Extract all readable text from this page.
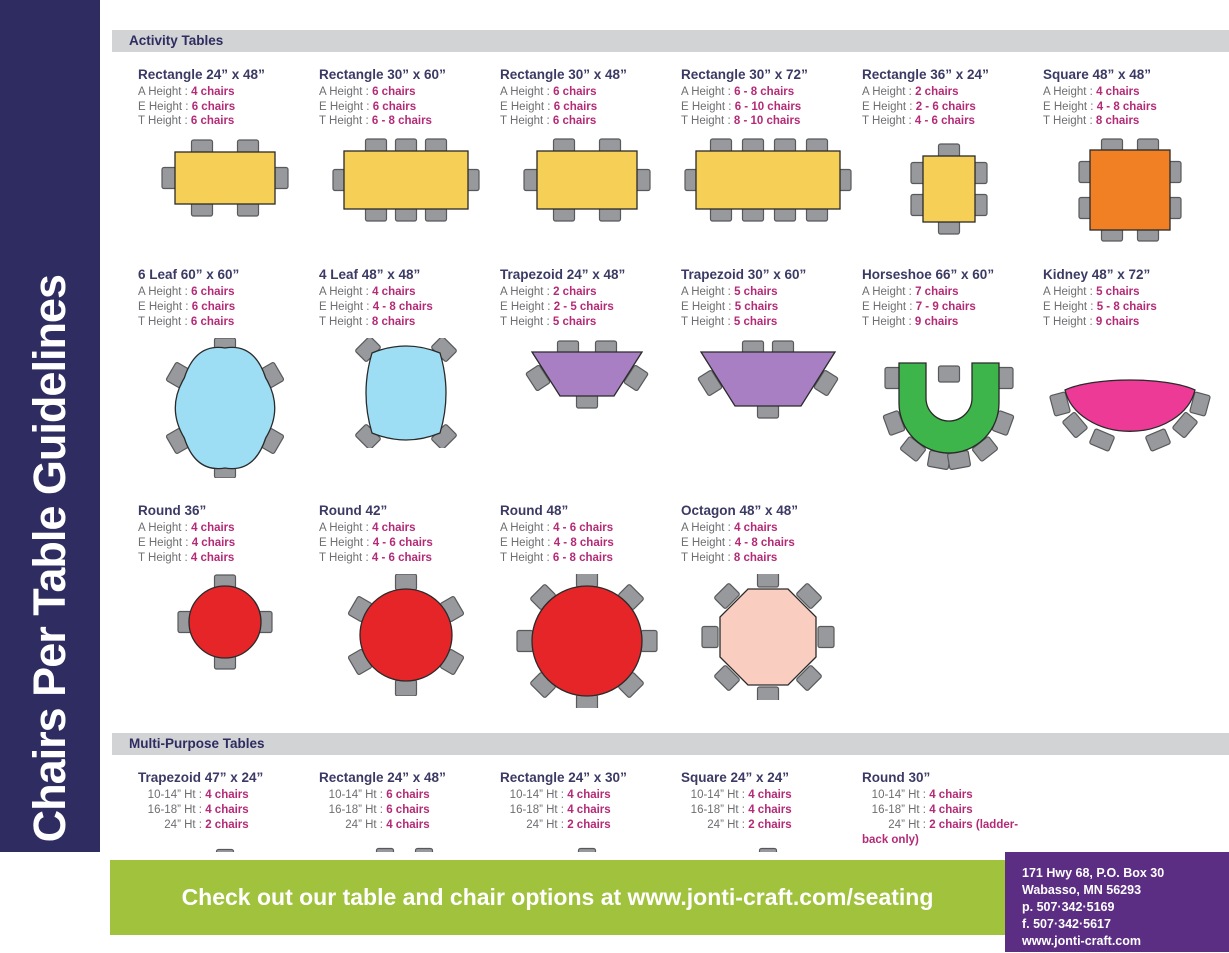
Chairs Per Table Guidelines
Activity Tables
Rectangle 24” x 48”
A Height : 4 chairs
E Height : 6 chairs
T Height : 6 chairs
Rectangle 30” x 60”
A Height : 6 chairs
E Height : 6 chairs
T Height : 6 - 8 chairs
Rectangle 30” x 48”
A Height : 6 chairs
E Height : 6 chairs
T Height : 6 chairs
Rectangle 30” x 72”
A Height : 6 - 8 chairs
E Height : 6 - 10 chairs
T Height : 8 - 10 chairs
Rectangle 36” x 24”
A Height : 2 chairs
E Height : 2 - 6 chairs
T Height : 4 - 6 chairs
Square 48” x 48”
A Height : 4 chairs
E Height : 4 - 8 chairs
T Height : 8 chairs
6 Leaf 60” x 60”
A Height : 6 chairs
E Height : 6 chairs
T Height : 6 chairs
4 Leaf 48” x 48”
A Height : 4 chairs
E Height : 4 - 8 chairs
T Height : 8 chairs
Trapezoid 24” x 48”
A Height : 2 chairs
E Height : 2 - 5 chairs
T Height : 5 chairs
Trapezoid 30” x 60”
A Height : 5 chairs
E Height : 5 chairs
T Height : 5 chairs
Horseshoe 66” x 60”
A Height : 7 chairs
E Height : 7 - 9 chairs
T Height : 9 chairs
Kidney 48” x 72”
A Height : 5 chairs
E Height : 5 - 8 chairs
T Height : 9 chairs
Round 36”
A Height : 4 chairs
E Height : 4 chairs
T Height : 4 chairs
Round 42”
A Height : 4 chairs
E Height : 4 - 6 chairs
T Height : 4 - 6 chairs
Round 48”
A Height : 4 - 6 chairs
E Height : 4 - 8 chairs
T Height : 6 - 8 chairs
Octagon 48” x 48”
A Height : 4 chairs
E Height : 4 - 8 chairs
T Height : 8 chairs
Multi-Purpose Tables
Trapezoid 47” x 24”
10-14” Ht : 4 chairs
16-18” Ht : 4 chairs
24” Ht : 2 chairs
Rectangle 24” x 48”
10-14” Ht : 6 chairs
16-18” Ht : 6 chairs
24” Ht : 4 chairs
Rectangle 24” x 30”
10-14” Ht : 4 chairs
16-18” Ht : 4 chairs
24” Ht : 2 chairs
Square 24” x 24”
10-14” Ht : 4 chairs
16-18” Ht : 4 chairs
24” Ht : 2 chairs
Round 30”
10-14” Ht : 4 chairs
16-18” Ht : 4 chairs
24” Ht : 2 chairs (ladder-back only)
Check out our table and chair options at www.jonti-craft.com/seating
171 Hwy 68, P.O. Box 30
Wabasso, MN 56293
p. 507·342·5169
f. 507·342·5617
www.jonti-craft.com
